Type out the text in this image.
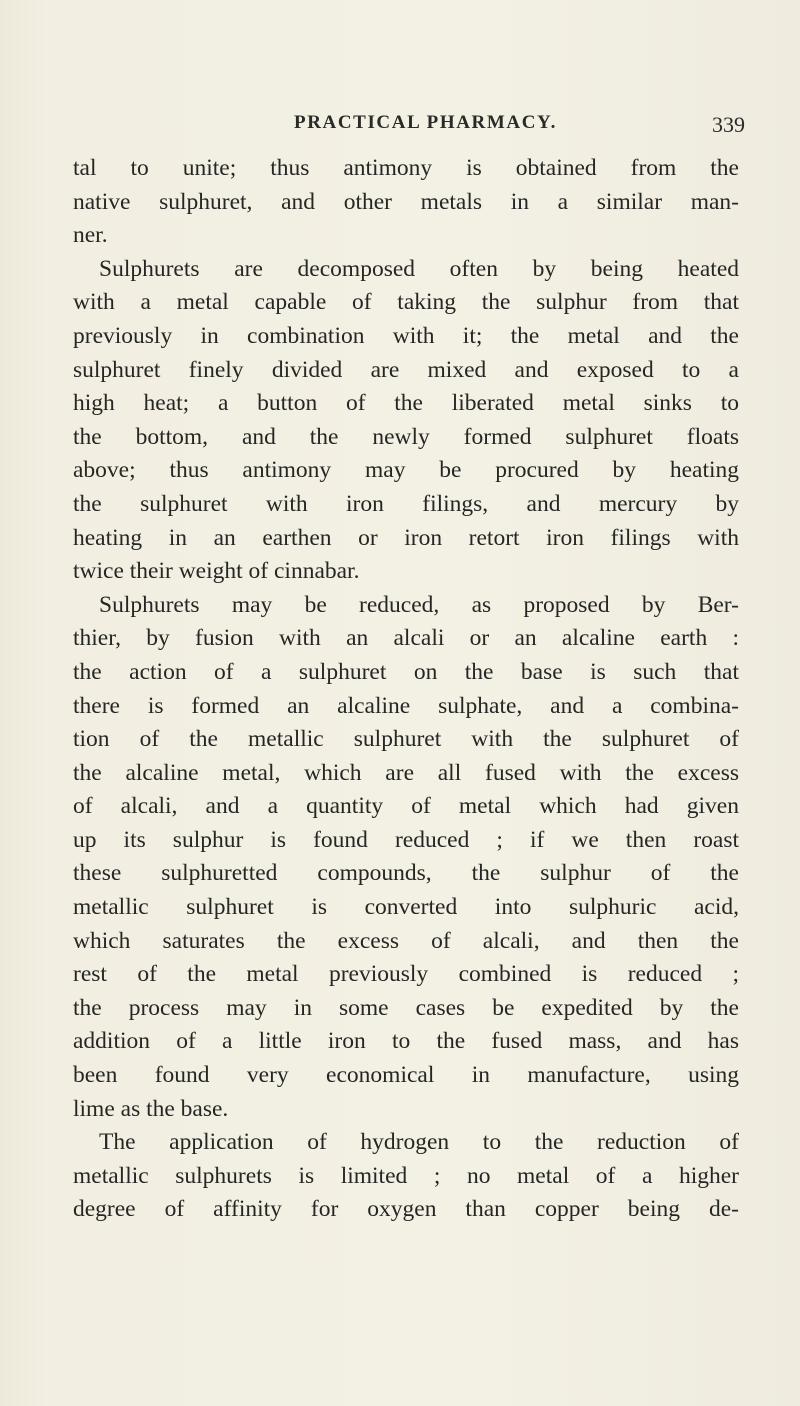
PRACTICAL PHARMACY.	339
tal to unite; thus antimony is obtained from the
native sulphuret, and other metals in a similar man-
ner.
Sulphurets are decomposed often by being heated
with a metal capable of taking the sulphur from that
previously in combination with it; the metal and the
sulphuret finely divided are mixed and exposed to a
high heat; a button of the liberated metal sinks to
the bottom, and the newly formed sulphuret floats
above; thus antimony may be procured by heating
the sulphuret with iron filings, and mercury by
heating in an earthen or iron retort iron filings with
twice their weight of cinnabar.
Sulphurets may be reduced, as proposed by Ber-
thier, by fusion with an alcali or an alcaline earth :
the action of a sulphuret on the base is such that
there is formed an alcaline sulphate, and a combina-
tion of the metallic sulphuret with the sulphuret of
the alcaline metal, which are all fused with the excess
of alcali, and a quantity of metal which had given
up its sulphur is found reduced ; if we then roast
these sulphuretted compounds, the sulphur of the
metallic sulphuret is converted into sulphuric acid,
which saturates the excess of alcali, and then the
rest of the metal previously combined is reduced ;
the process may in some cases be expedited by the
addition of a little iron to the fused mass, and has
been found very economical in manufacture, using
lime as the base.
The application of hydrogen to the reduction of
metallic sulphurets is limited ; no metal of a higher
degree of affinity for oxygen than copper being de-
